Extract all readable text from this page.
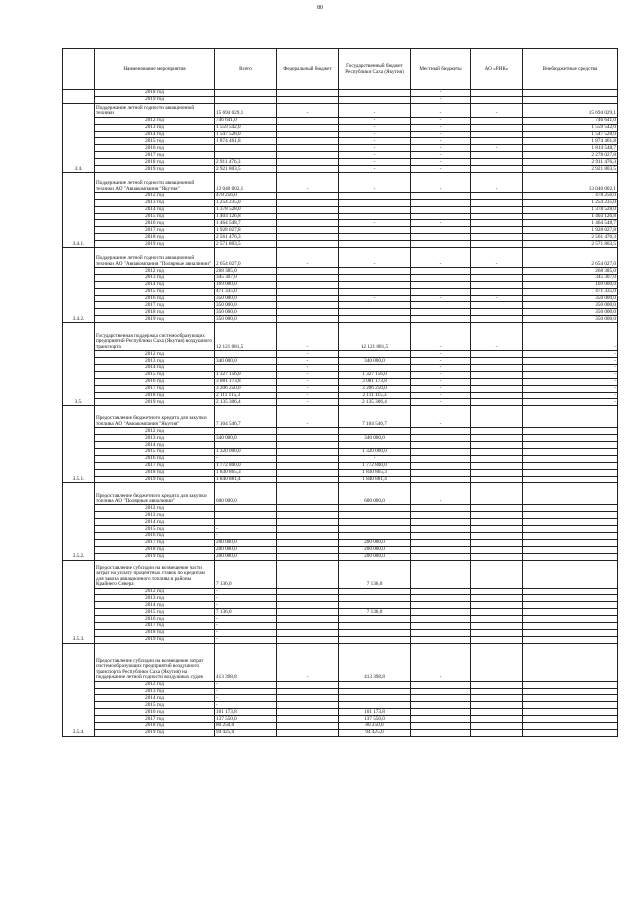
80
	Наименование мероприятия	Всего	Федеральный бюджет	Государственный бюджет Республики Саха (Якутия)	Местный бюджеты	АО «РИК»	Внебюджетные средства
	2018 год				-		
	2019 год				-		
3.4.	Поддержание летной годности авиационной техники	15 694 029,1	-	-	-	-	15 694 029,1
	2012 год	746 641,0		-	-		746 641,0
	2013 год	1 559 542,0		-	-		1 559 542,0
	2014 год	1 547 528,0		-	-		1 547 528,0
	2015 год	1 874 461,8		-	-		1 874 461,8
	2016 год			-	-	-	1 814 548,7
	2017 год			-	-		2 278 027,8
	2018 год	2 911 476,3		-	-		2 911 476,3
	2019 год	2 921 803,5		-	-		2 921 803,5
3.4.1.	Поддержание летной годности авиационной техники АО "Авиакомпания "Якутия"	13 040 002,1	-	-	-	-	13 040 002,1
	2012 год	478 256,0					478 256,0
	2013 год	1 254 235,0					1 254 235,0
	2014 год	1 378 528,0					1 378 528,0
	2015 год	1 403 126,8					1 403 126,8
	2016 год	1 464 548,7		-	-		1 464 548,7
	2017 год	1 928 027,8					1 928 027,8
	2018 год	2 561 476,3					2 561 476,3
	2019 год	2 571 803,5					2 571 803,5
3.4.2.	Поддержание летной годности авиационной техники АО "Авиакомпания "Полярные авиалинии"	2 654 027,0	-	-	-	-	2 654 027,0
	2012 год	268 385,0					268 385,0
	2013 год	345 307,0					345 307,0
	2014 год	169 000,0					169 000,0
	2015 год	471 335,0					471 335,0
	2016 год	350 000,0		-	-	-	350 000,0
	2017 год	350 000,0					350 000,0
	2018 год	350 000,0					350 000,0
	2019 год	350 000,0					350 000,0
3.5.	Государственная поддержка системообразующих предприятий Республики Саха (Якутия) воздушного транспорта	12 121 081,5	-	12 121 081,5	-	-	-
	2012 год		-		-		-
	2013 год	340 000,0	-	340 000,0	-		-
	2014 год		-		-		-
	2015 год	1 327 156,0	-	1 327 156,0	-		-
	2016 год	3 081 173,8	-	3 081 173,8	-		-
	2017 год	3 206 250,0	-	3 206 250,0	-		-
	2018 год	2 111 115,3	-	2 111 115,3	-		-
	2019 год	2 135 306,4	-	2 135 306,4	-		-
3.5.1.	Предоставление бюджетного кредита для закупки топлива АО "Авиакомпания "Якутия"	7 104 546,7	-	7 104 546,7	-		
	2012 год						
	2013 год	340 000,0		340 000,0			
	2014 год						
	2015 год	1 320 000,0		1 320 000,0			
	2016 год	-		-			
	2017 год	1 772 800,0		1 772 800,0			
	2018 год	1 830 865,3		1 830 865,3			
	2019 год	1 840 881,4		1 840 881,4			
3.5.2.	Предоставление бюджетного кредита для закупки топлива АО "Полярные авиалинии"	600 000,0		600 000,0	-		
	2012 год						
	2013 год						
	2014 год						
	2015 год	-					
	2016 год	-					
	2017 год	200 000,0		200 000,0			
	2018 год	200 000,0		200 000,0			
	2019 год	200 000,0		200 000,0			
3.5.3.	Предоставление субсидии на возмещение части затрат на уплату процентных ставок по кредитам для завоза авиационного топлива в районы Крайнего Севера	7 136,0		7 136,0			
	2012 год	-					
	2013 год	-					
	2014 год	-					
	2015 год	7 136,0		7 136,0			
	2016 год	-					
	2017 год	-					
	2018 год	-					
	2019 год	-					
3.5.4.	Предоставление субсидии на возмещение затрат системообразующих предприятий воздушного транспорта Республики Саха (Якутия) на поддержание летной годности воздушных судов	413 398,8	-	413 398,8	-		
	2012 год	-					
	2013 год	-					
	2014 год	-					
	2015 год	-					
	2016 год	101 173,8		101 173,8			
	2017 год	137 550,0		137 550,0			
	2018 год	80 250,0		80 250,0			
	2019 год	94 425,0		94 425,0			
